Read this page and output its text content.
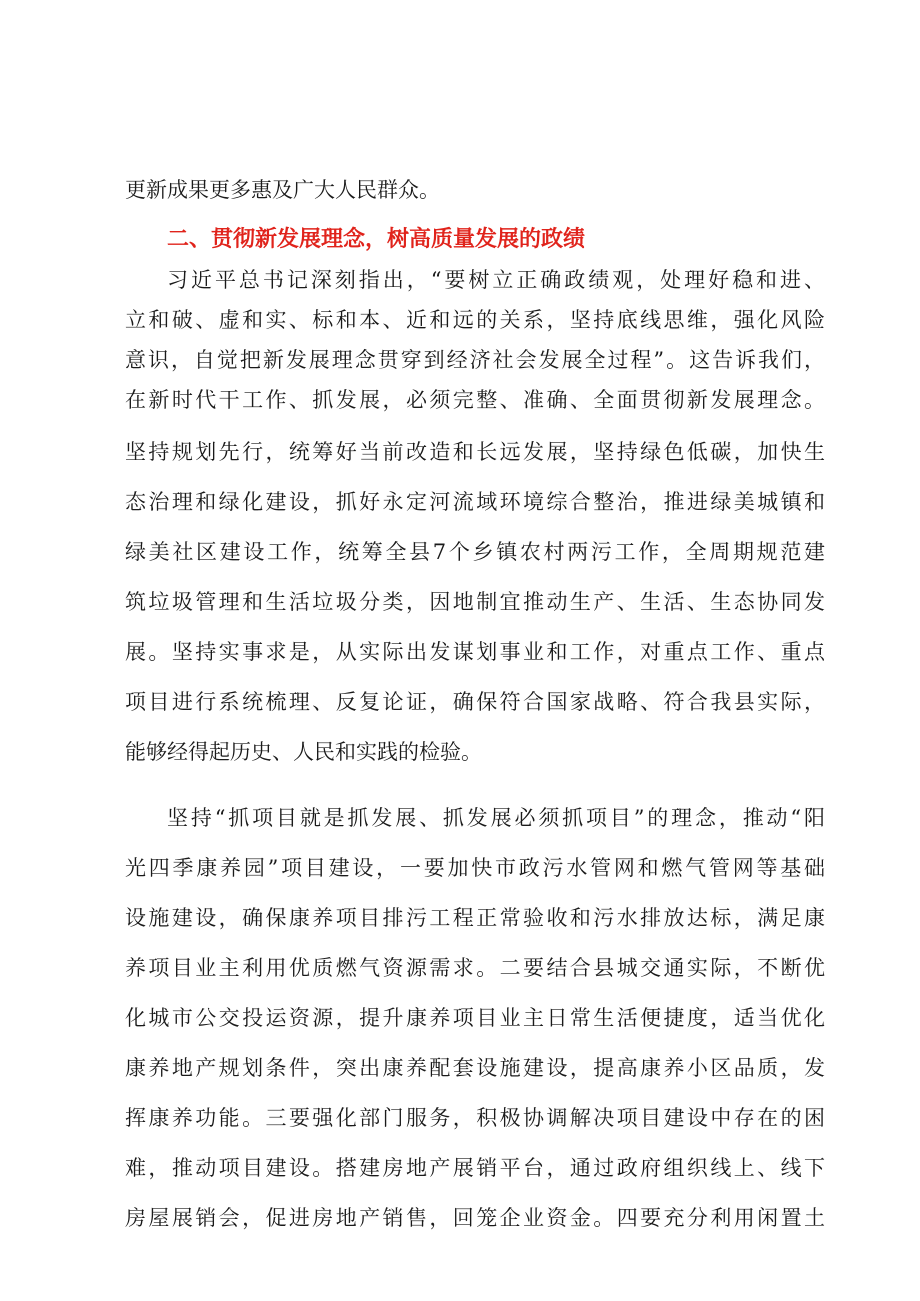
更新成果更多惠及广大人民群众。
二、贯彻新发展理念，树高质量发展的政绩
习近平总书记深刻指出，“要树立正确政绩观，处理好稳和进、
立和破、虚和实、标和本、近和远的关系，坚持底线思维，强化风险
意识，自觉把新发展理念贯穿到经济社会发展全过程”。这告诉我们，
在新时代干工作、抓发展，必须完整、准确、全面贯彻新发展理念。
坚持规划先行，统筹好当前改造和长远发展，坚持绿色低碳，加快生
态治理和绿化建设，抓好永定河流域环境综合整治，推进绿美城镇和
绿美社区建设工作，统筹全县7个乡镇农村两污工作，全周期规范建
筑垃圾管理和生活垃圾分类，因地制宜推动生产、生活、生态协同发
展。坚持实事求是，从实际出发谋划事业和工作，对重点工作、重点
项目进行系统梳理、反复论证，确保符合国家战略、符合我县实际，
能够经得起历史、人民和实践的检验。
坚持“抓项目就是抓发展、抓发展必须抓项目”的理念，推动“阳
光四季康养园”项目建设，一要加快市政污水管网和燃气管网等基础
设施建设，确保康养项目排污工程正常验收和污水排放达标，满足康
养项目业主利用优质燃气资源需求。二要结合县城交通实际，不断优
化城市公交投运资源，提升康养项目业主日常生活便捷度，适当优化
康养地产规划条件，突出康养配套设施建设，提高康养小区品质，发
挥康养功能。三要强化部门服务，积极协调解决项目建设中存在的困
难，推动项目建设。搭建房地产展销平台，通过政府组织线上、线下
房屋展销会，促进房地产销售，回笼企业资金。四要充分利用闲置土
